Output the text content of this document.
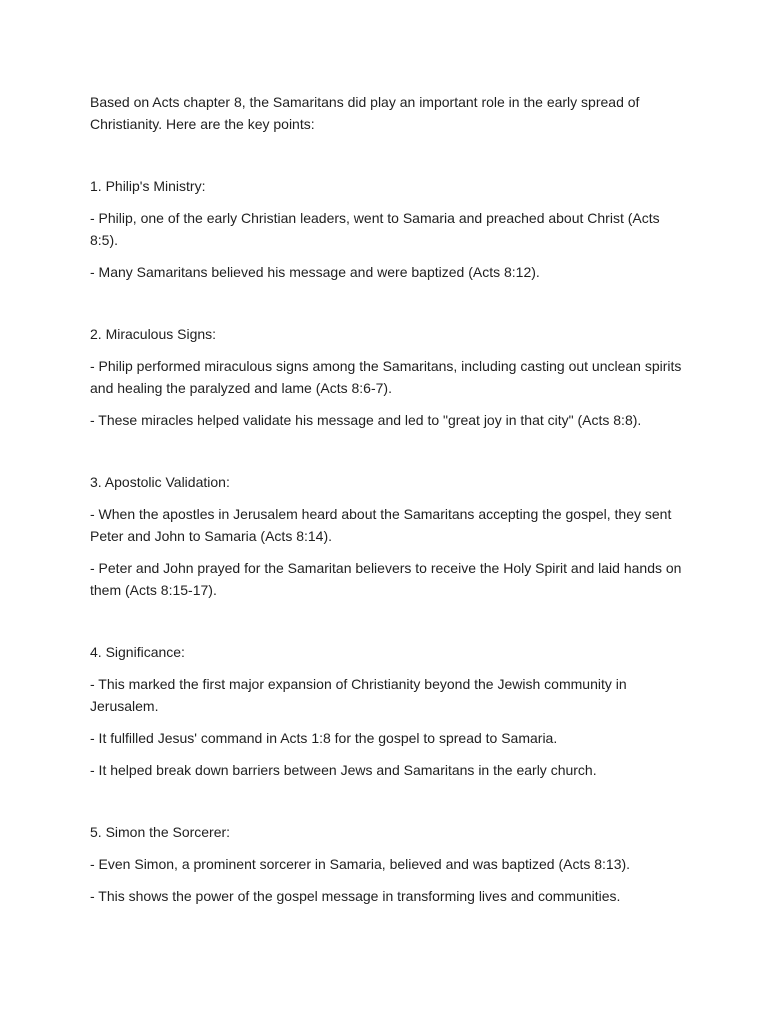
Based on Acts chapter 8, the Samaritans did play an important role in the early spread of Christianity. Here are the key points:

1. Philip's Ministry:

- Philip, one of the early Christian leaders, went to Samaria and preached about Christ (Acts 8:5).

- Many Samaritans believed his message and were baptized (Acts 8:12).

2. Miraculous Signs:

- Philip performed miraculous signs among the Samaritans, including casting out unclean spirits and healing the paralyzed and lame (Acts 8:6-7).

- These miracles helped validate his message and led to "great joy in that city" (Acts 8:8).

3. Apostolic Validation:

- When the apostles in Jerusalem heard about the Samaritans accepting the gospel, they sent Peter and John to Samaria (Acts 8:14).

- Peter and John prayed for the Samaritan believers to receive the Holy Spirit and laid hands on them (Acts 8:15-17).

4. Significance:

- This marked the first major expansion of Christianity beyond the Jewish community in Jerusalem.

- It fulfilled Jesus' command in Acts 1:8 for the gospel to spread to Samaria.

- It helped break down barriers between Jews and Samaritans in the early church.

5. Simon the Sorcerer:

- Even Simon, a prominent sorcerer in Samaria, believed and was baptized (Acts 8:13).

- This shows the power of the gospel message in transforming lives and communities.
